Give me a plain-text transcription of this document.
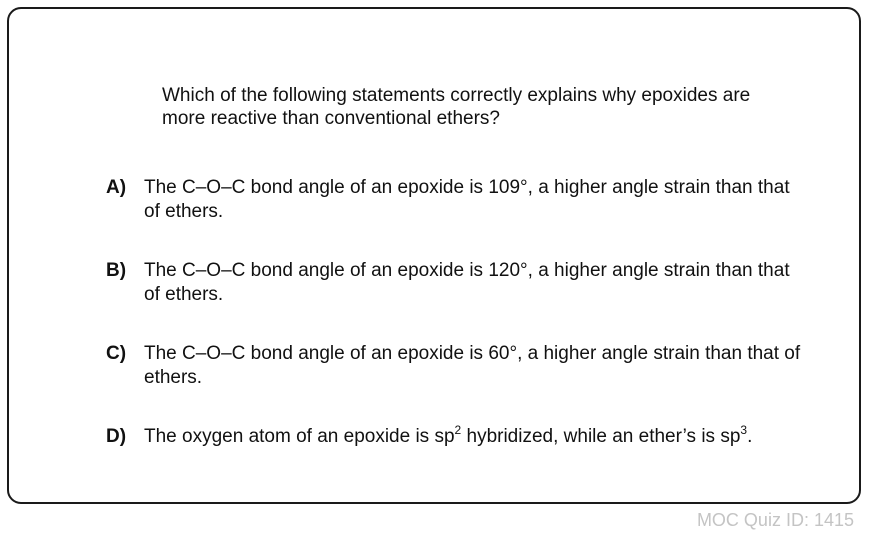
Which of the following statements correctly explains why epoxides are more reactive than conventional ethers?
A) The C–O–C bond angle of an epoxide is 109°, a higher angle strain than that of ethers.
B) The C–O–C bond angle of an epoxide is 120°, a higher angle strain than that of ethers.
C) The C–O–C bond angle of an epoxide is 60°, a higher angle strain than that of ethers.
D) The oxygen atom of an epoxide is $sp^2$ hybridized, while an ether’s is $sp^3$.
MOC Quiz ID: 1415
